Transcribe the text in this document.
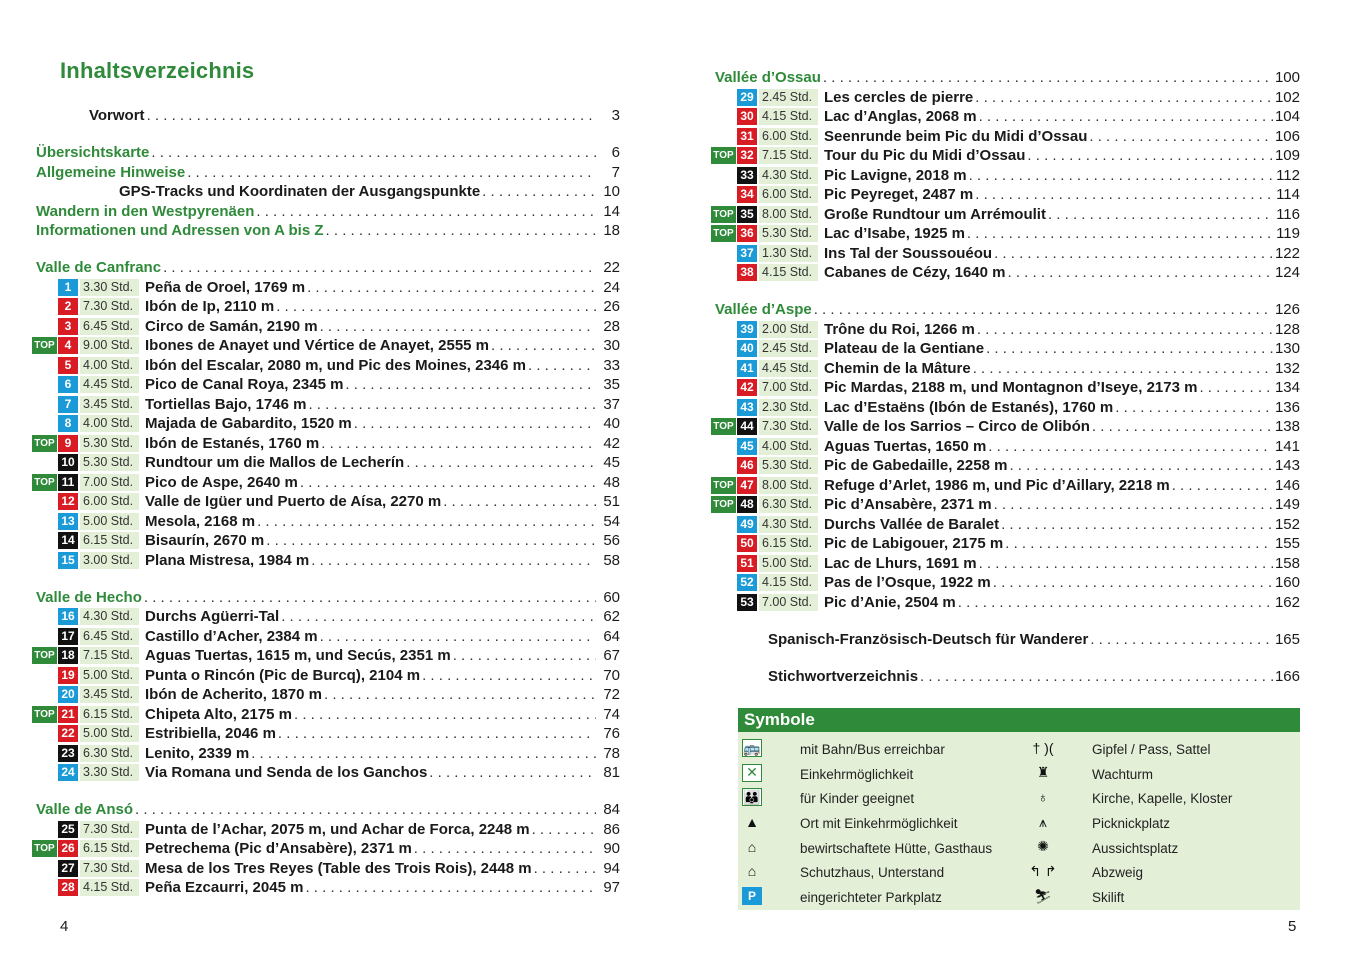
Inhaltsverzeichnis
Vorwort . . .	3
Übersichtskarte . . .	6
Allgemeine Hinweise . . .	7
GPS-Tracks und Koordinaten der Ausgangspunkte . . .	10
Wandern in den Westpyrenäen . . .	14
Informationen und Adressen von A bis Z . . .	18
Valle de Canfranc . . .	22
1 3.30 Std. Peña de Oroel, 1769 m . . .	24
2 7.30 Std. Ibón de Ip, 2110 m . . .	26
3 6.45 Std. Circo de Samán, 2190 m . . .	28
TOP 4 9.00 Std. Ibones de Anayet und Vértice de Anayet, 2555 m . . .	30
5 4.00 Std. Ibón del Escalar, 2080 m, und Pic des Moines, 2346 m . . .	33
6 4.45 Std. Pico de Canal Roya, 2345 m . . .	35
7 3.45 Std. Tortiellas Bajo, 1746 m . . .	37
8 4.00 Std. Majada de Gabardito, 1520 m . . .	40
TOP 9 5.30 Std. Ibón de Estanés, 1760 m . . .	42
10 5.30 Std. Rundtour um die Mallos de Lecherín . . .	45
TOP 11 7.00 Std. Pico de Aspe, 2640 m . . .	48
12 6.00 Std. Valle de Igüer und Puerto de Aísa, 2270 m . . .	51
13 5.00 Std. Mesola, 2168 m . . .	54
14 6.15 Std. Bisaurín, 2670 m . . .	56
15 3.00 Std. Plana Mistresa, 1984 m . . .	58
Valle de Hecho . . .	60
16 4.30 Std. Durchs Agüerri-Tal . . .	62
17 6.45 Std. Castillo d’Acher, 2384 m . . .	64
TOP 18 7.15 Std. Aguas Tuertas, 1615 m, und Secús, 2351 m . . .	67
19 5.00 Std. Punta o Rincón (Pic de Burcq), 2104 m . . .	70
20 3.45 Std. Ibón de Acherito, 1870 m . . .	72
TOP 21 6.15 Std. Chipeta Alto, 2175 m . . .	74
22 5.00 Std. Estribiella, 2046 m . . .	76
23 6.30 Std. Lenito, 2339 m . . .	78
24 3.30 Std. Via Romana und Senda de los Ganchos . . .	81
Valle de Ansó . . .	84
25 7.30 Std. Punta de l’Achar, 2075 m, und Achar de Forca, 2248 m . . .	86
TOP 26 6.15 Std. Petrechema (Pic d’Ansabère), 2371 m . . .	90
27 7.30 Std. Mesa de los Tres Reyes (Table des Trois Rois), 2448 m . . .	94
28 4.15 Std. Peña Ezcaurri, 2045 m . . .	97
4
Vallée d’Ossau . . .	100
29 2.45 Std. Les cercles de pierre . . .	102
30 4.15 Std. Lac d’Anglas, 2068 m . . .	104
31 6.00 Std. Seenrunde beim Pic du Midi d’Ossau . . .	106
TOP 32 7.15 Std. Tour du Pic du Midi d’Ossau . . .	109
33 4.30 Std. Pic Lavigne, 2018 m . . .	112
34 6.00 Std. Pic Peyreget, 2487 m . . .	114
TOP 35 8.00 Std. Große Rundtour um Arrémoulit . . .	116
TOP 36 5.30 Std. Lac d’Isabe, 1925 m . . .	119
37 1.30 Std. Ins Tal der Soussouéou . . .	122
38 4.15 Std. Cabanes de Cézy, 1640 m . . .	124
Vallée d’Aspe . . .	126
39 2.00 Std. Trône du Roi, 1266 m . . .	128
40 2.45 Std. Plateau de la Gentiane . . .	130
41 4.45 Std. Chemin de la Mâture . . .	132
42 7.00 Std. Pic Mardas, 2188 m, und Montagnon d’Iseye, 2173 m . . .	134
43 2.30 Std. Lac d’Estaëns (Ibón de Estanés), 1760 m . . .	136
TOP 44 7.30 Std. Valle de los Sarrios – Circo de Olibón . . .	138
45 4.00 Std. Aguas Tuertas, 1650 m . . .	141
46 5.30 Std. Pic de Gabedaille, 2258 m . . .	143
TOP 47 8.00 Std. Refuge d’Arlet, 1986 m, und Pic d’Aillary, 2218 m . . .	146
TOP 48 6.30 Std. Pic d’Ansabère, 2371 m . . .	149
49 4.30 Std. Durchs Vallée de Baralet . . .	152
50 6.15 Std. Pic de Labigouer, 2175 m . . .	155
51 5.00 Std. Lac de Lhurs, 1691 m . . .	158
52 4.15 Std. Pas de l’Osque, 1922 m . . .	160
53 7.00 Std. Pic d’Anie, 2504 m . . .	162
Spanisch-Französisch-Deutsch für Wanderer . . .	165
Stichwortverzeichnis . . .	166
Symbole
🚌	mit Bahn/Bus erreichbar	† )(	Gipfel / Pass, Sattel
✕	Einkehrmöglichkeit	♜	Wachturm
👪	für Kinder geeignet	♁	Kirche, Kapelle, Kloster
▲	Ort mit Einkehrmöglichkeit	⩚	Picknickplatz
⌂	bewirtschaftete Hütte, Gasthaus	✺	Aussichtsplatz
⌂	Schutzhaus, Unterstand	↰ ↱	Abzweig
P	eingerichteter Parkplatz	⛷	Skilift
5
